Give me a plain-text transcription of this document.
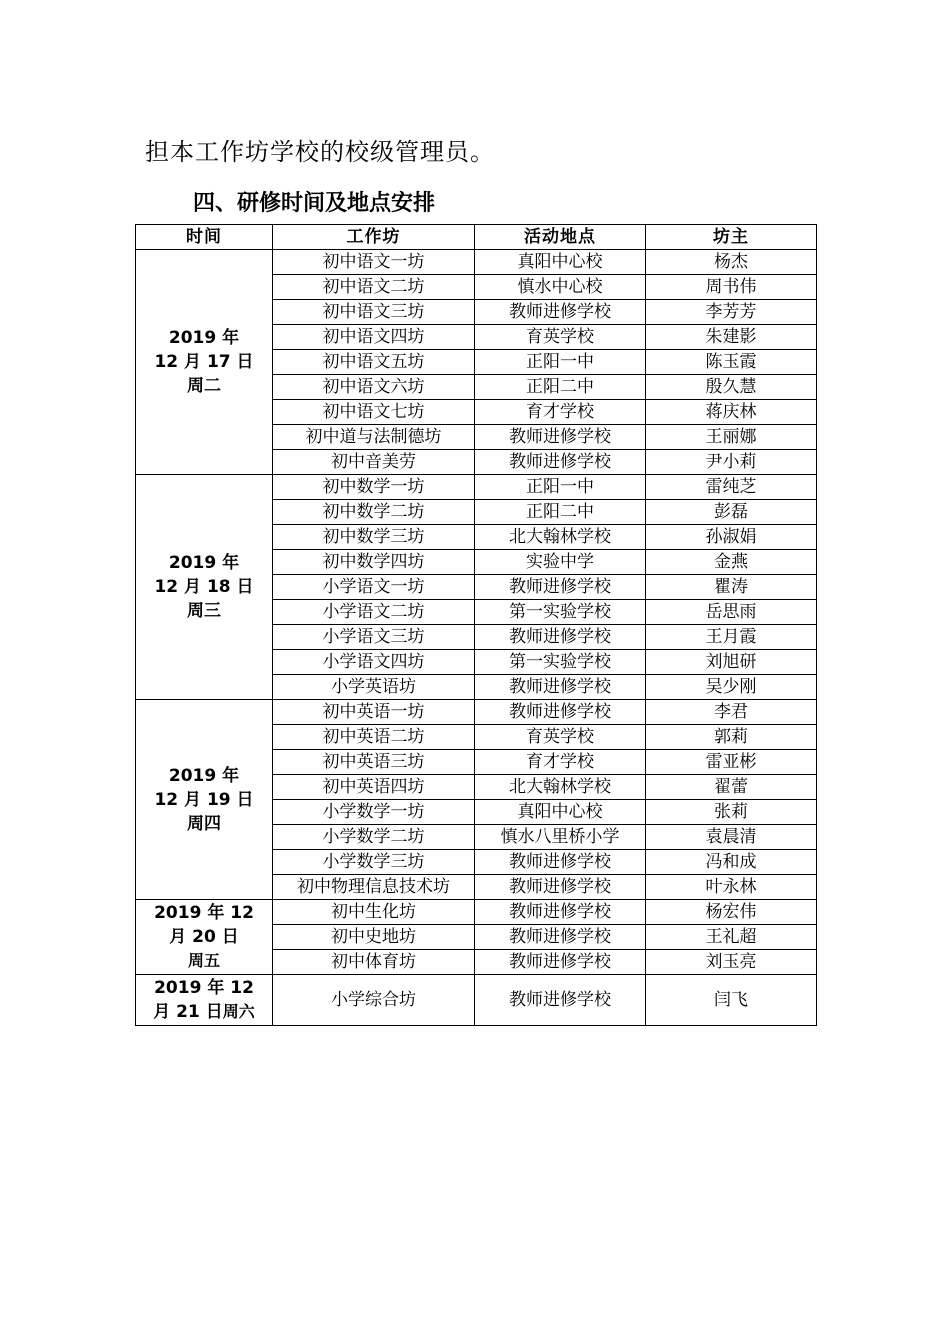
担本工作坊学校的校级管理员。
四、研修时间及地点安排
时间	工作坊	活动地点	坊主

2019 年
12 月 17 日
周二	初中语文一坊	真阳中心校	杨杰
	初中语文二坊	慎水中心校	周书伟
	初中语文三坊	教师进修学校	李芳芳
	初中语文四坊	育英学校	朱建影
	初中语文五坊	正阳一中	陈玉霞
	初中语文六坊	正阳二中	殷久慧
	初中语文七坊	育才学校	蒋庆林
	初中道与法制德坊	教师进修学校	王丽娜
	初中音美劳	教师进修学校	尹小莉

2019 年
12 月 18 日
周三	初中数学一坊	正阳一中	雷纯芝
	初中数学二坊	正阳二中	彭磊
	初中数学三坊	北大翰林学校	孙淑娟
	初中数学四坊	实验中学	金燕
	小学语文一坊	教师进修学校	瞿涛
	小学语文二坊	第一实验学校	岳思雨
	小学语文三坊	教师进修学校	王月霞
	小学语文四坊	第一实验学校	刘旭研
	小学英语坊	教师进修学校	吴少刚

2019 年
12 月 19 日
周四	初中英语一坊	教师进修学校	李君
	初中英语二坊	育英学校	郭莉
	初中英语三坊	育才学校	雷亚彬
	初中英语四坊	北大翰林学校	翟蕾
	小学数学一坊	真阳中心校	张莉
	小学数学二坊	慎水八里桥小学	袁晨清
	小学数学三坊	教师进修学校	冯和成
	初中物理信息技术坊	教师进修学校	叶永林

2019 年 12
月 20 日
周五	初中生化坊	教师进修学校	杨宏伟
	初中史地坊	教师进修学校	王礼超
	初中体育坊	教师进修学校	刘玉亮

2019 年 12
月 21 日周六	小学综合坊	教师进修学校	闫飞
